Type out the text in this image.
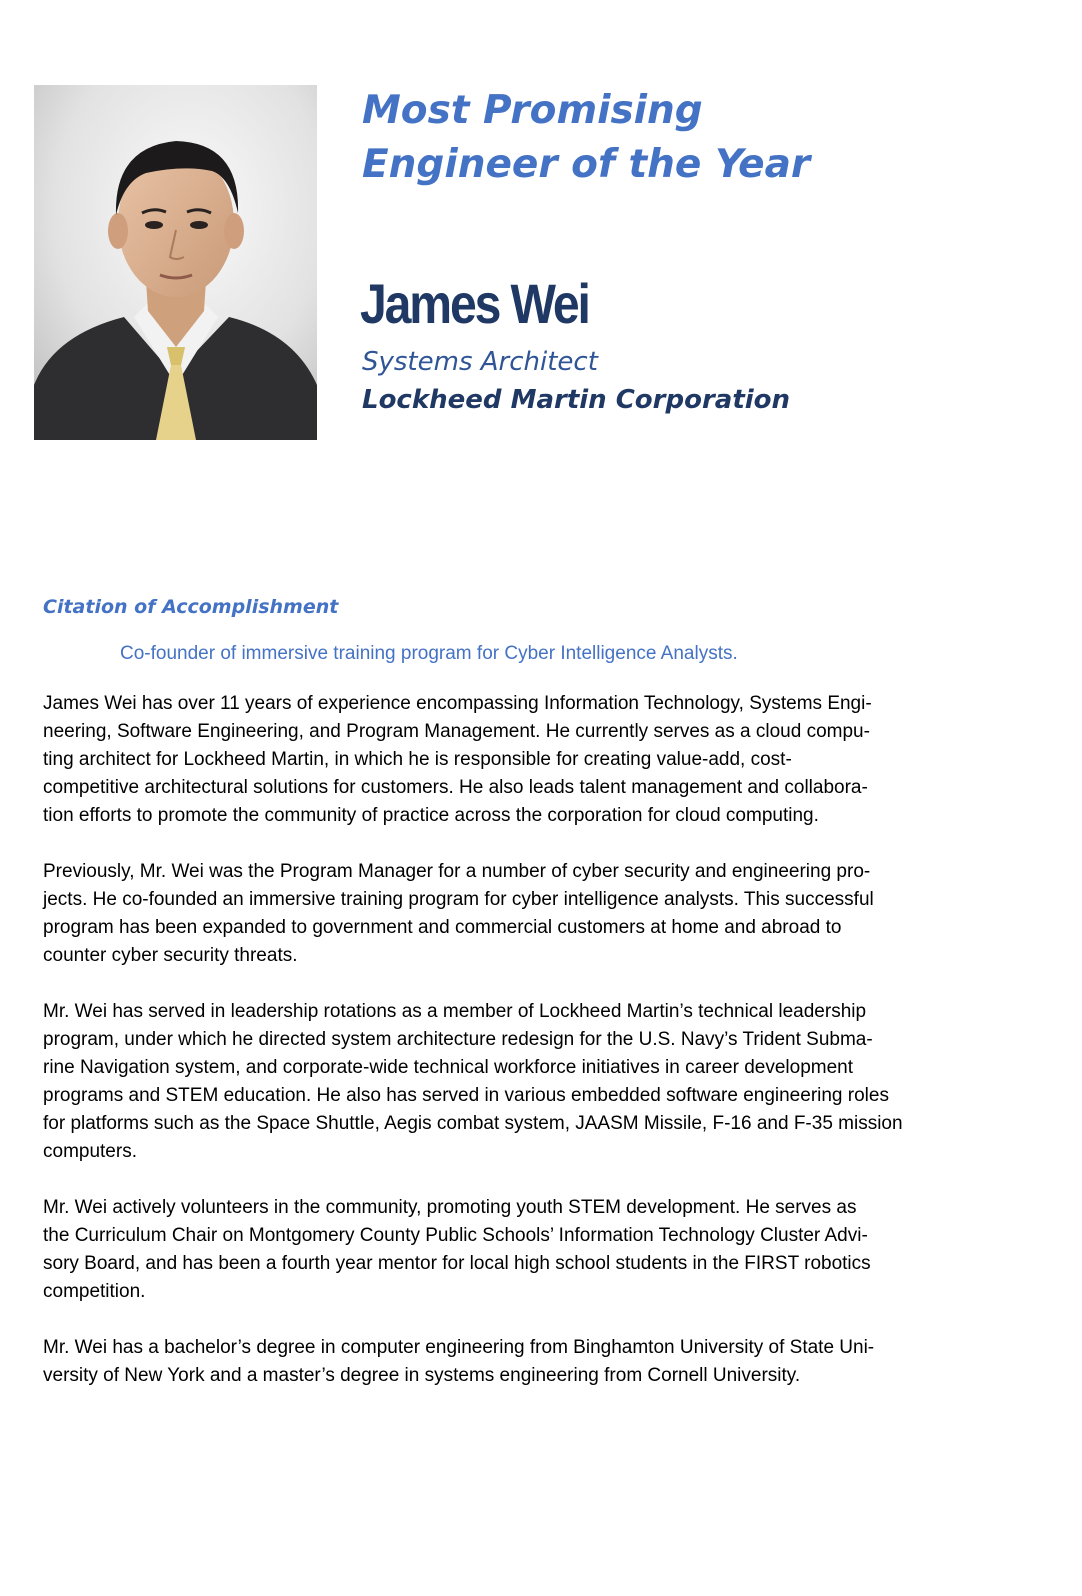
Most Promising
Engineer of the Year
James Wei
Systems Architect
Lockheed Martin Corporation
Citation of Accomplishment
Co-founder of immersive training program for Cyber Intelligence Analysts.

James Wei has over 11 years of experience encompassing Information Technology, Systems Engi-
neering, Software Engineering, and Program Management. He currently serves as a cloud compu-
ting architect for Lockheed Martin, in which he is responsible for creating value-add, cost-
competitive architectural solutions for customers. He also leads talent management and collabora-
tion efforts to promote the community of practice across the corporation for cloud computing.

Previously, Mr. Wei was the Program Manager for a number of cyber security and engineering pro-
jects. He co-founded an immersive training program for cyber intelligence analysts. This successful
program has been expanded to government and commercial customers at home and abroad to
counter cyber security threats.

Mr. Wei has served in leadership rotations as a member of Lockheed Martin’s technical leadership
program, under which he directed system architecture redesign for the U.S. Navy’s Trident Subma-
rine Navigation system, and corporate-wide technical workforce initiatives in career development
programs and STEM education. He also has served in various embedded software engineering roles
for platforms such as the Space Shuttle, Aegis combat system, JAASM Missile, F-16 and F-35 mission
computers.

Mr. Wei actively volunteers in the community, promoting youth STEM development. He serves as
the Curriculum Chair on Montgomery County Public Schools’ Information Technology Cluster Advi-
sory Board, and has been a fourth year mentor for local high school students in the FIRST robotics
competition.

Mr. Wei has a bachelor’s degree in computer engineering from Binghamton University of State Uni-
versity of New York and a master’s degree in systems engineering from Cornell University.
